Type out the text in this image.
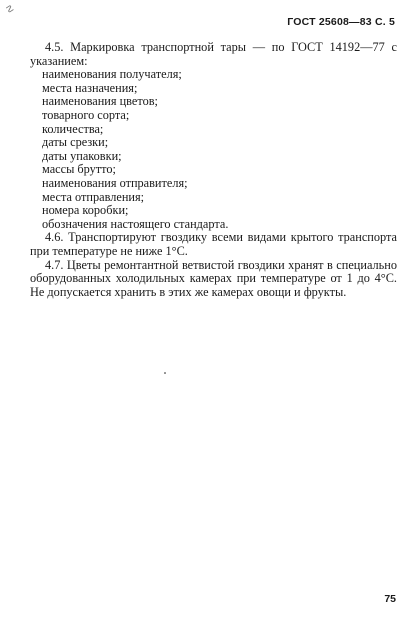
☡
ГОСТ 25608—83 С. 5

4.5. Маркировка транспортной тары — по ГОСТ 14192—77 с указанием:

наименования получателя;
места назначения;
наименования цветов;
товарного сорта;
количества;
даты срезки;
даты упаковки;
массы брутто;
наименования отправителя;
места отправления;
номера коробки;
обозначения настоящего стандарта.

4.6. Транспортируют гвоздику всеми видами крытого транспорта при температуре не ниже 1°С.

4.7. Цветы ремонтантной ветвистой гвоздики хранят в специально оборудованных холодильных камерах при температуре от 1 до 4°С. Не допускается хранить в этих же камерах овощи и фрукты.

75
